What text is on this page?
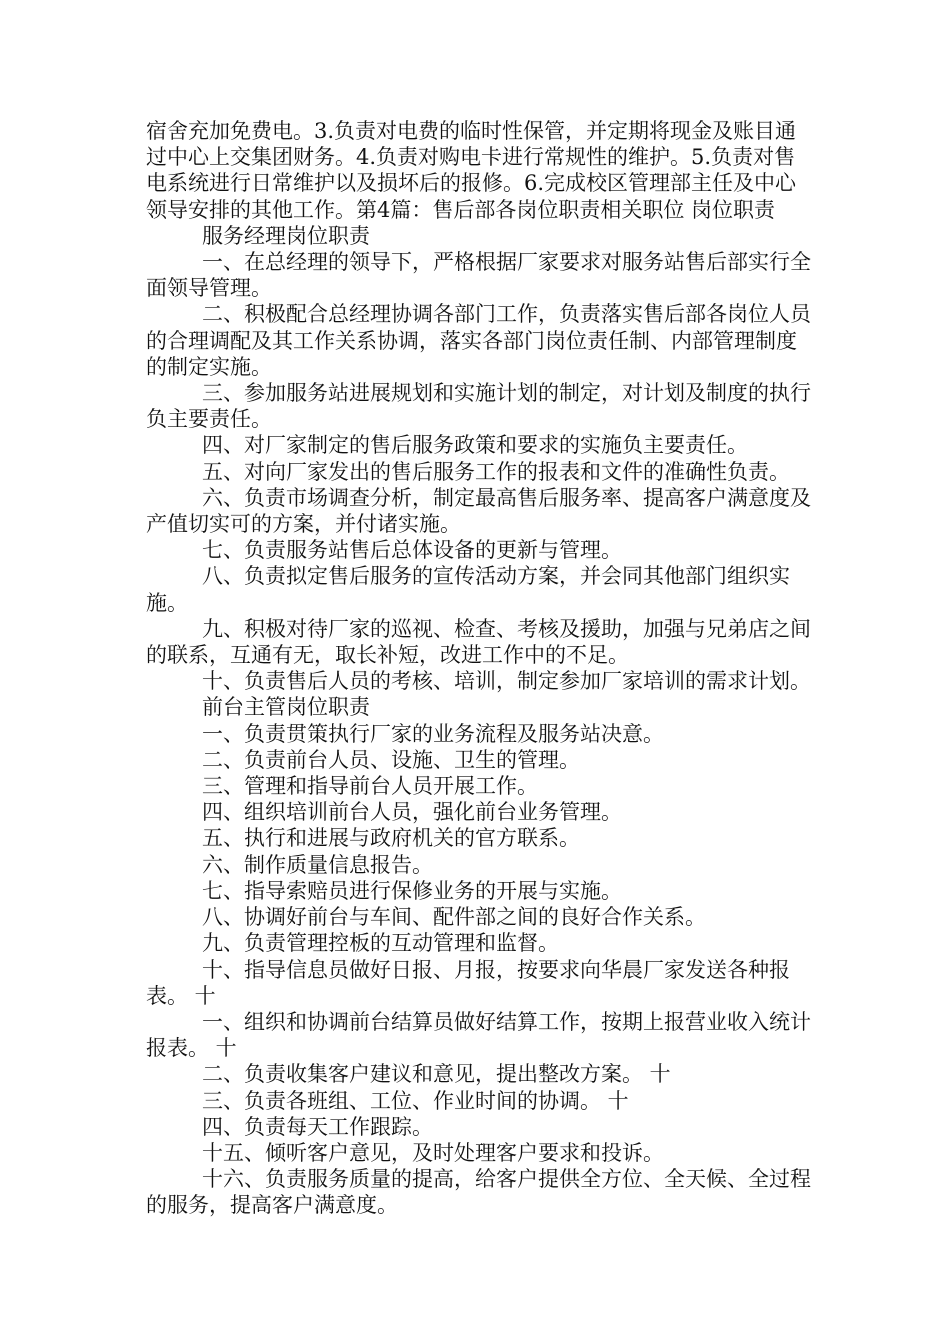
宿舍充加免费电。3.负责对电费的临时性保管，并定期将现金及账目通过中心上交集团财务。4.负责对购电卡进行常规性的维护。5.负责对售电系统进行日常维护以及损坏后的报修。6.完成校区管理部主任及中心领导安排的其他工作。第4篇：售后部各岗位职责相关职位 岗位职责

服务经理岗位职责

一、在总经理的领导下，严格根据厂家要求对服务站售后部实行全面领导管理。

二、积极配合总经理协调各部门工作，负责落实售后部各岗位人员的合理调配及其工作关系协调，落实各部门岗位责任制、内部管理制度的制定实施。

三、参加服务站进展规划和实施计划的制定，对计划及制度的执行负主要责任。

四、对厂家制定的售后服务政策和要求的实施负主要责任。

五、对向厂家发出的售后服务工作的报表和文件的准确性负责。

六、负责市场调查分析，制定最高售后服务率、提高客户满意度及产值切实可的方案，并付诸实施。

七、负责服务站售后总体设备的更新与管理。

八、负责拟定售后服务的宣传活动方案，并会同其他部门组织实施。

九、积极对待厂家的巡视、检查、考核及援助，加强与兄弟店之间的联系，互通有无，取长补短，改进工作中的不足。

十、负责售后人员的考核、培训，制定参加厂家培训的需求计划。

前台主管岗位职责

一、负责贯策执行厂家的业务流程及服务站决意。

二、负责前台人员、设施、卫生的管理。

三、管理和指导前台人员开展工作。

四、组织培训前台人员，强化前台业务管理。

五、执行和进展与政府机关的官方联系。

六、制作质量信息报告。

七、指导索赔员进行保修业务的开展与实施。

八、协调好前台与车间、配件部之间的良好合作关系。

九、负责管理控板的互动管理和监督。

十、指导信息员做好日报、月报，按要求向华晨厂家发送各种报表。 十

一、组织和协调前台结算员做好结算工作，按期上报营业收入统计报表。 十

二、负责收集客户建议和意见，提出整改方案。 十

三、负责各班组、工位、作业时间的协调。 十

四、负责每天工作跟踪。

十五、倾听客户意见，及时处理客户要求和投诉。

十六、负责服务质量的提高，给客户提供全方位、全天候、全过程的服务，提高客户满意度。
